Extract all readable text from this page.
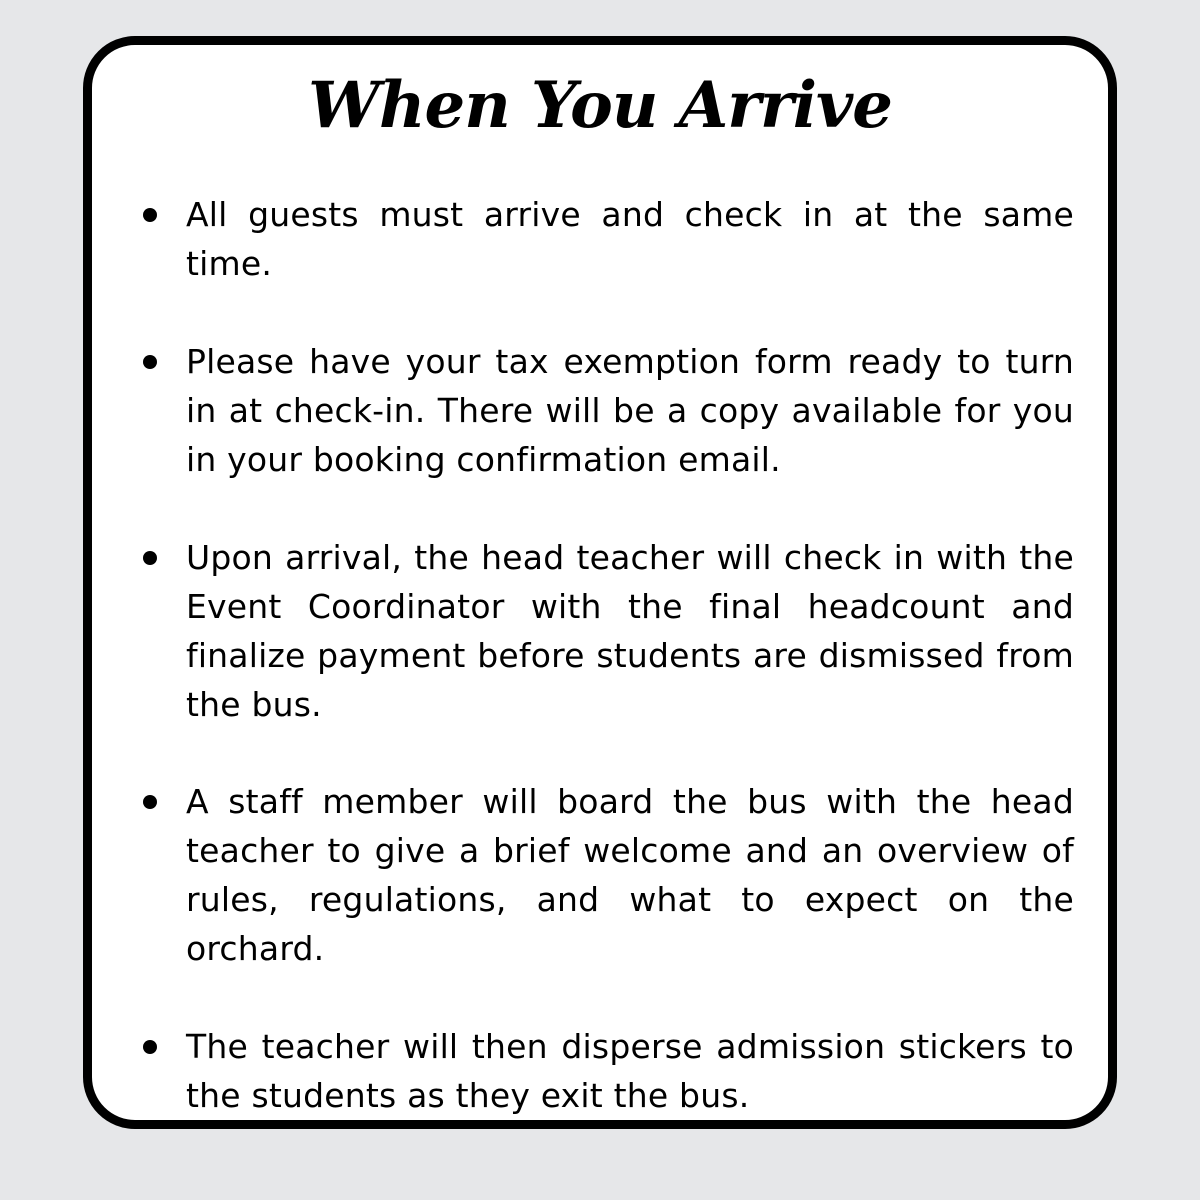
When You Arrive

All guests must arrive and check in at the same time.

Please have your tax exemption form ready to turn in at check-in. There will be a copy available for you in your booking confirmation email.

Upon arrival, the head teacher will check in with the Event Coordinator with the final headcount and finalize payment before students are dismissed from the bus.

A staff member will board the bus with the head teacher to give a brief welcome and an overview of rules, regulations, and what to expect on the orchard.

The teacher will then disperse admission stickers to the students as they exit the bus.
